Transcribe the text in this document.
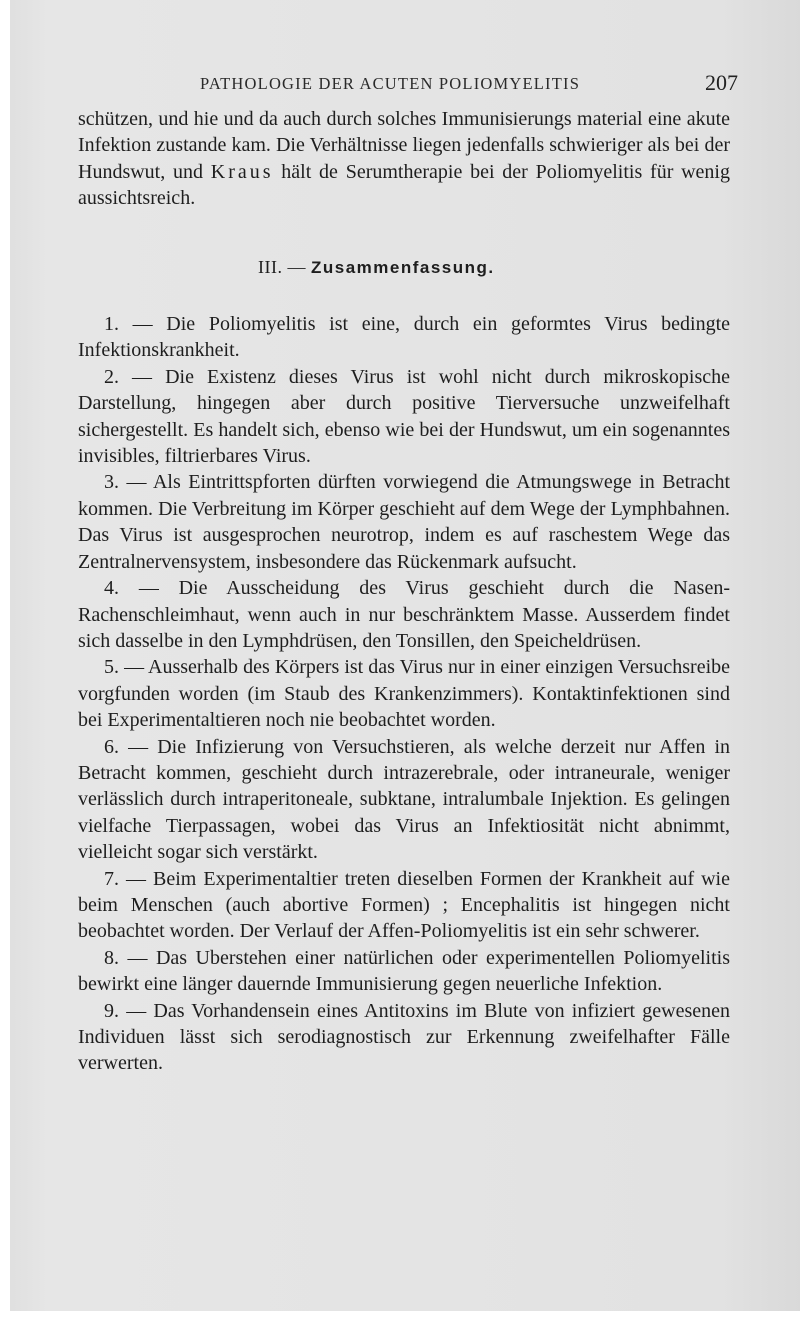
PATHOLOGIE DER ACUTEN POLIOMYELITIS	207

schützen, und hie und da auch durch solches Immunisierungs material eine akute Infektion zustande kam. Die Verhältnisse liegen jedenfalls schwieriger als bei der Hundswut, und Kraus hält de Serumtherapie bei der Poliomyelitis für wenig aussichtsreich.

III. — Zusammenfassung.

1. — Die Poliomyelitis ist eine, durch ein geformtes Virus bedingte Infektionskrankheit.

2. — Die Existenz dieses Virus ist wohl nicht durch mikroskopische Darstellung, hingegen aber durch positive Tierversuche unzweifelhaft sichergestellt. Es handelt sich, ebenso wie bei der Hundswut, um ein sogenanntes invisibles, filtrierbares Virus.

3. — Als Eintrittspforten dürften vorwiegend die Atmungswege in Betracht kommen. Die Verbreitung im Körper geschieht auf dem Wege der Lymphbahnen. Das Virus ist ausgesprochen neurotrop, indem es auf raschestem Wege das Zentralnervensystem, insbesondere das Rückenmark aufsucht.

4. — Die Ausscheidung des Virus geschieht durch die Nasen-Rachenschleimhaut, wenn auch in nur beschränktem Masse. Ausserdem findet sich dasselbe in den Lymphdrüsen, den Tonsillen, den Speicheldrüsen.

5. — Ausserhalb des Körpers ist das Virus nur in einer einzigen Versuchsreibe vorgfunden worden (im Staub des Krankenzimmers). Kontaktinfektionen sind bei Experimentaltieren noch nie beobachtet worden.

6. — Die Infizierung von Versuchstieren, als welche derzeit nur Affen in Betracht kommen, geschieht durch intrazerebrale, oder intraneurale, weniger verlässlich durch intraperitoneale, subktane, intralumbale Injektion. Es gelingen vielfache Tierpassagen, wobei das Virus an Infektiosität nicht abnimmt, vielleicht sogar sich verstärkt.

7. — Beim Experimentaltier treten dieselben Formen der Krankheit auf wie beim Menschen (auch abortive Formen) ; Encephalitis ist hingegen nicht beobachtet worden. Der Verlauf der Affen-Poliomyelitis ist ein sehr schwerer.

8. — Das Uberstehen einer natürlichen oder experimentellen Poliomyelitis bewirkt eine länger dauernde Immunisierung gegen neuerliche Infektion.

9. — Das Vorhandensein eines Antitoxins im Blute von infiziert gewesenen Individuen lässt sich serodiagnostisch zur Erkennung zweifelhafter Fälle verwerten.
